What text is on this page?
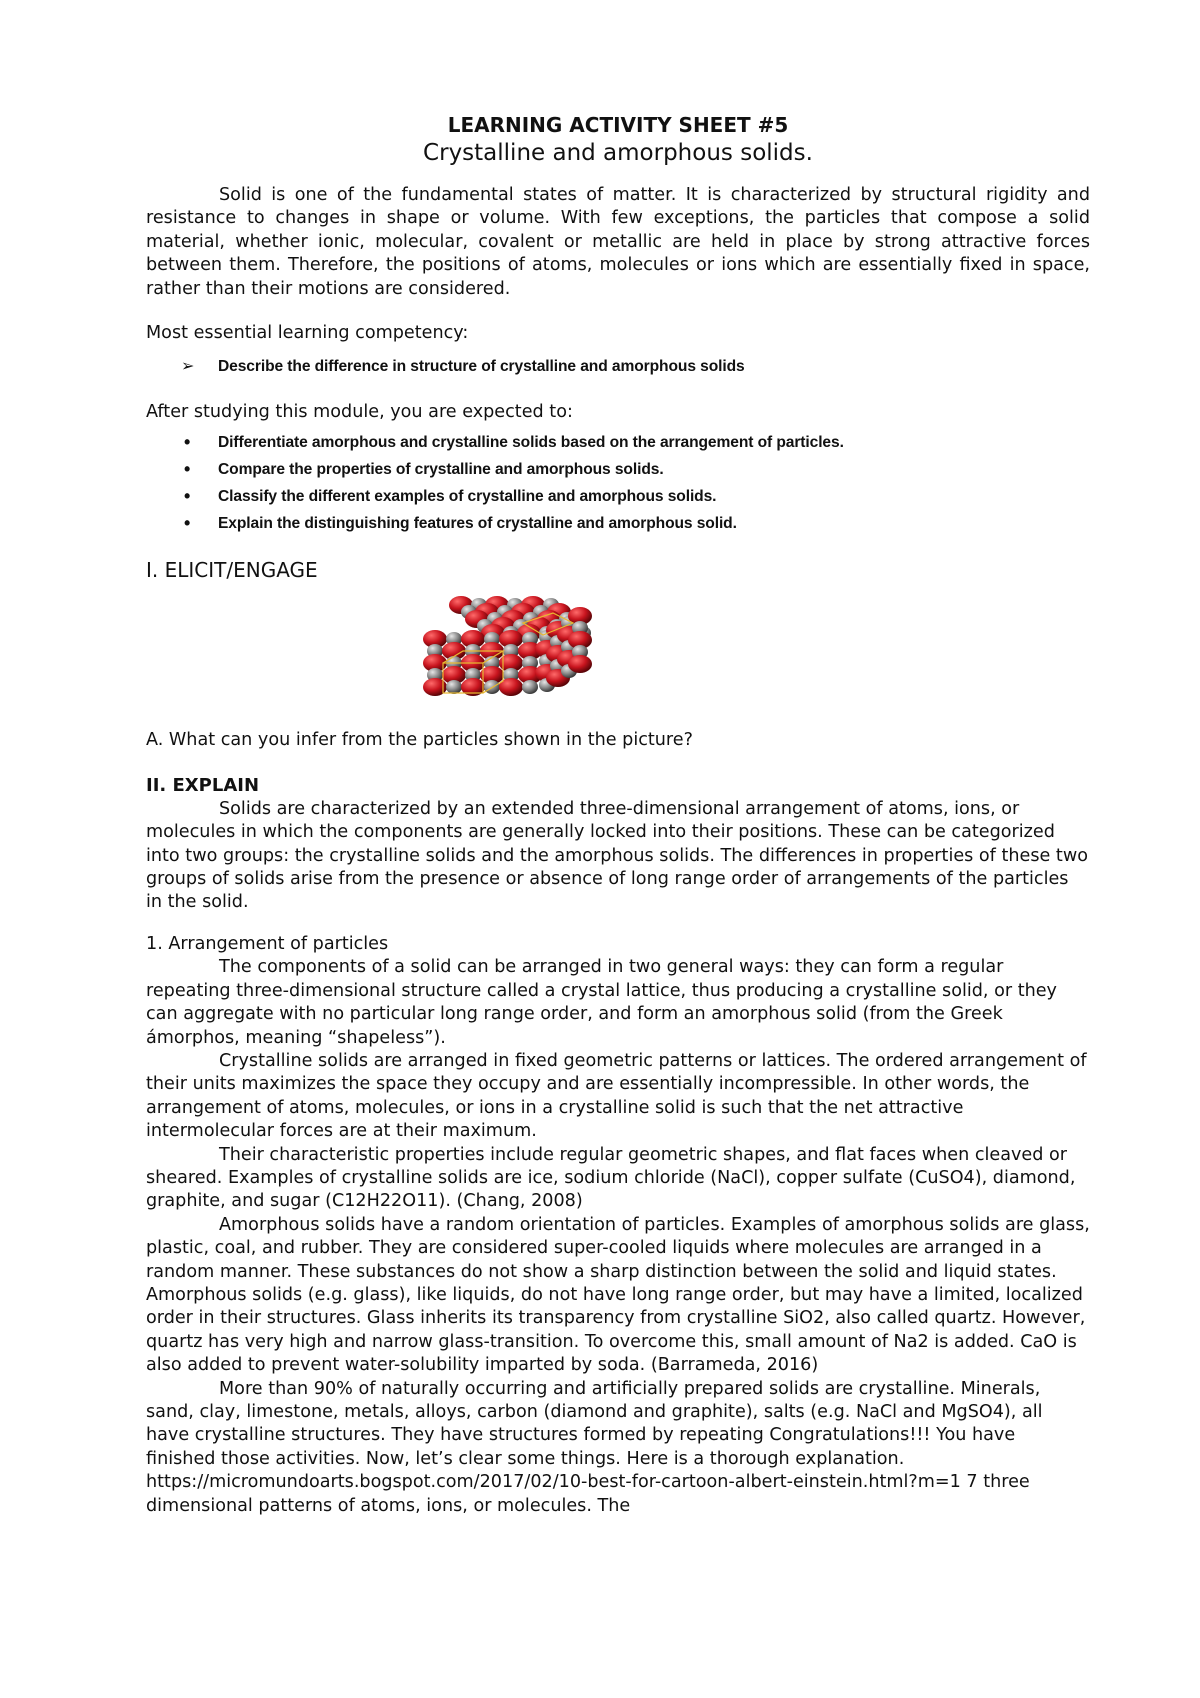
LEARNING ACTIVITY SHEET #5
Crystalline and amorphous solids.

Solid is one of the fundamental states of matter. It is characterized by structural rigidity and resistance to changes in shape or volume. With few exceptions, the particles that compose a solid material, whether ionic, molecular, covalent or metallic are held in place by strong attractive forces between them. Therefore, the positions of atoms, molecules or ions which are essentially fixed in space, rather than their motions are considered.

Most essential learning competency:

➢ Describe the difference in structure of crystalline and amorphous solids

After studying this module, you are expected to:

• Differentiate amorphous and crystalline solids based on the arrangement of particles.
• Compare the properties of crystalline and amorphous solids.
• Classify the different examples of crystalline and amorphous solids.
• Explain the distinguishing features of crystalline and amorphous solid.
I. ELICIT/ENGAGE

A. What can you infer from the particles shown in the picture?

II. EXPLAIN

Solids are characterized by an extended three-dimensional arrangement of atoms, ions, or molecules in which the components are generally locked into their positions. These can be categorized into two groups: the crystalline solids and the amorphous solids. The differences in properties of these two groups of solids arise from the presence or absence of long range order of arrangements of the particles in the solid.

1. Arrangement of particles

The components of a solid can be arranged in two general ways: they can form a regular repeating three-dimensional structure called a crystal lattice, thus producing a crystalline solid, or they can aggregate with no particular long range order, and form an amorphous solid (from the Greek ámorphos, meaning “shapeless”).

Crystalline solids are arranged in fixed geometric patterns or lattices. The ordered arrangement of their units maximizes the space they occupy and are essentially incompressible. In other words, the arrangement of atoms, molecules, or ions in a crystalline solid is such that the net attractive intermolecular forces are at their maximum.

Their characteristic properties include regular geometric shapes, and flat faces when cleaved or sheared. Examples of crystalline solids are ice, sodium chloride (NaCl), copper sulfate (CuSO4), diamond, graphite, and sugar (C12H22O11). (Chang, 2008)

Amorphous solids have a random orientation of particles. Examples of amorphous solids are glass, plastic, coal, and rubber. They are considered super-cooled liquids where molecules are arranged in a random manner. These substances do not show a sharp distinction between the solid and liquid states. Amorphous solids (e.g. glass), like liquids, do not have long range order, but may have a limited, localized order in their structures. Glass inherits its transparency from crystalline SiO2, also called quartz. However, quartz has very high and narrow glass-transition. To overcome this, small amount of Na2 is added. CaO is also added to prevent water-solubility imparted by soda. (Barrameda, 2016)

More than 90% of naturally occurring and artificially prepared solids are crystalline. Minerals, sand, clay, limestone, metals, alloys, carbon (diamond and graphite), salts (e.g. NaCl and MgSO4), all have crystalline structures. They have structures formed by repeating Congratulations!!! You have finished those activities. Now, let’s clear some things. Here is a thorough explanation. https://micromundoarts.bogspot.com/2017/02/10-best-for-cartoon-albert-einstein.html?m=1 7 three dimensional patterns of atoms, ions, or molecules. The
